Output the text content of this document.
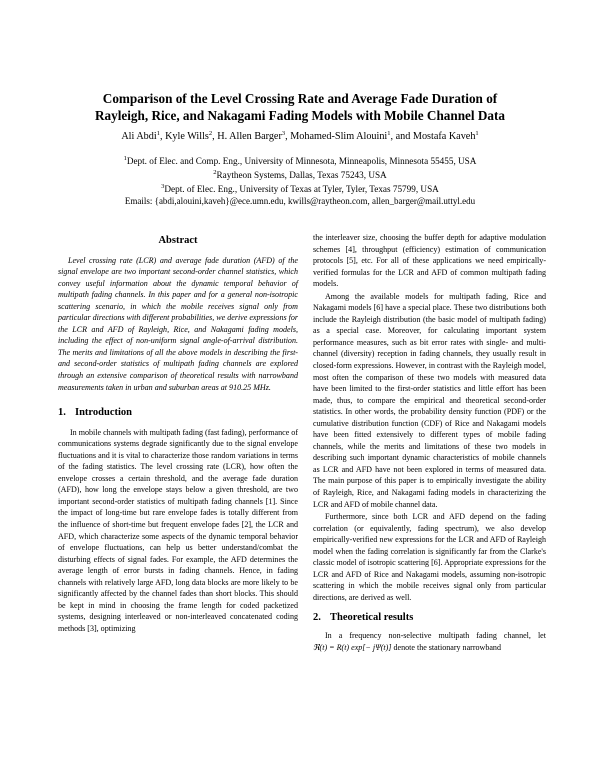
Comparison of the Level Crossing Rate and Average Fade Duration of
Rayleigh, Rice, and Nakagami Fading Models with Mobile Channel Data
Ali Abdi$^1$, Kyle Wills$^2$, H. Allen Barger$^3$, Mohamed-Slim Alouini$^1$, and Mostafa Kaveh$^1$
$^1$Dept. of Elec. and Comp. Eng., University of Minnesota, Minneapolis, Minnesota 55455, USA
$^2$Raytheon Systems, Dallas, Texas 75243, USA
$^3$Dept. of Elec. Eng., University of Texas at Tyler, Tyler, Texas 75799, USA
Emails: {abdi,alouini,kaveh}@ece.umn.edu, kwills@raytheon.com, allen_barger@mail.uttyl.edu
Abstract

Level crossing rate (LCR) and average fade duration (AFD) of the signal envelope are two important second-order channel statistics, which convey useful information about the dynamic temporal behavior of multipath fading channels. In this paper and for a general non-isotropic scattering scenario, in which the mobile receives signal only from particular directions with different probabilities, we derive expressions for the LCR and AFD of Rayleigh, Rice, and Nakagami fading models, including the effect of non-uniform signal angle-of-arrival distribution. The merits and limitations of all the above models in describing the first- and second-order statistics of multipath fading channels are explored through an extensive comparison of theoretical results with narrowband measurements taken in urban and suburban areas at 910.25 MHz.

1. Introduction

In mobile channels with multipath fading (fast fading), performance of communications systems degrade significantly due to the signal envelope fluctuations and it is vital to characterize those random variations in terms of the fading statistics. The level crossing rate (LCR), how often the envelope crosses a certain threshold, and the average fade duration (AFD), how long the envelope stays below a given threshold, are two important second-order statistics of multipath fading channels [1]. Since the impact of long-time but rare envelope fades is totally different from the influence of short-time but frequent envelope fades [2], the LCR and AFD, which characterize some aspects of the dynamic temporal behavior of envelope fluctuations, can help us better understand/combat the disturbing effects of signal fades. For example, the AFD determines the average length of error bursts in fading channels. Hence, in fading channels with relatively large AFD, long data blocks are more likely to be significantly affected by the channel fades than short blocks. This should be kept in mind in choosing the frame length for coded packetized systems, designing interleaved or non-interleaved concatenated coding methods [3], optimizing

the interleaver size, choosing the buffer depth for adaptive modulation schemes [4], throughput (efficiency) estimation of communication protocols [5], etc. For all of these applications we need empirically-verified formulas for the LCR and AFD of common multipath fading models.

Among the available models for multipath fading, Rice and Nakagami models [6] have a special place. These two distributions both include the Rayleigh distribution (the basic model of multipath fading) as a special case. Moreover, for calculating important system performance measures, such as bit error rates with single- and multi-channel (diversity) reception in fading channels, they usually result in closed-form expressions. However, in contrast with the Rayleigh model, most often the comparison of these two models with measured data have been limited to the first-order statistics and little effort has been made, thus, to compare the empirical and theoretical second-order statistics. In other words, the probability density function (PDF) or the cumulative distribution function (CDF) of Rice and Nakagami models have been fitted extensively to different types of mobile fading channels, while the merits and limitations of these two models in describing such important dynamic characteristics of mobile channels as LCR and AFD have not been explored in terms of measured data. The main purpose of this paper is to empirically investigate the ability of Rayleigh, Rice, and Nakagami fading models in characterizing the LCR and AFD of mobile channel data.

Furthermore, since both LCR and AFD depend on the fading correlation (or equivalently, fading spectrum), we also develop empirically-verified new expressions for the LCR and AFD of Rayleigh model when the fading correlation is significantly far from the Clarke's classic model of isotropic scattering [6]. Appropriate expressions for the LCR and AFD of Rice and Nakagami models, assuming non-isotropic scattering in which the mobile receives signal only from particular directions, are derived as well.

2. Theoretical results

In a frequency non-selective multipath fading channel, let ℜ(t) = R(t) exp[− jΨ(t)] denote the stationary narrowband
